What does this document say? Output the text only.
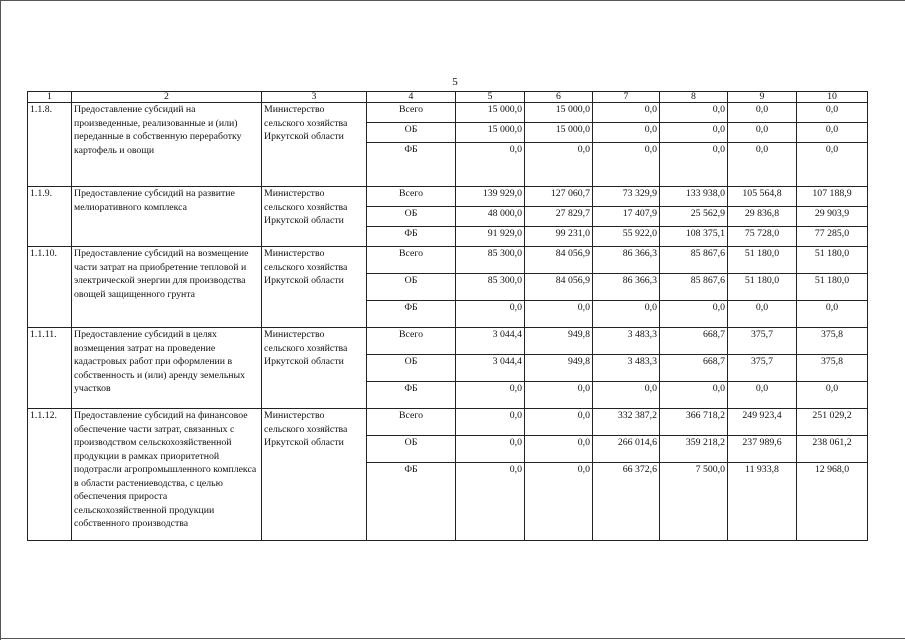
5
1	2	3	4	5	6	7	8	9	10
1.1.8.	Предоставление субсидий на произведенные, реализованные и (или) переданные в собственную переработку картофель и овощи	Министерство сельского хозяйства Иркутской области	Всего	15 000,0	15 000,0	0,0	0,0	0,0	0,0
			ОБ	15 000,0	15 000,0	0,0	0,0	0,0	0,0
			ФБ	0,0	0,0	0,0	0,0	0,0	0,0
1.1.9.	Предоставление субсидий на развитие мелиоративного комплекса	Министерство сельского хозяйства Иркутской области	Всего	139 929,0	127 060,7	73 329,9	133 938,0	105 564,8	107 188,9
			ОБ	48 000,0	27 829,7	17 407,9	25 562,9	29 836,8	29 903,9
			ФБ	91 929,0	99 231,0	55 922,0	108 375,1	75 728,0	77 285,0
1.1.10.	Предоставление субсидий на возмещение части затрат на приобретение тепловой и электрической энергии для производства овощей защищенного грунта	Министерство сельского хозяйства Иркутской области	Всего	85 300,0	84 056,9	86 366,3	85 867,6	51 180,0	51 180,0
			ОБ	85 300,0	84 056,9	86 366,3	85 867,6	51 180,0	51 180,0
			ФБ	0,0	0,0	0,0	0,0	0,0	0,0
1.1.11.	Предоставление субсидий в целях возмещения затрат на проведение кадастровых работ при оформлении в собственность и (или) аренду земельных участков	Министерство сельского хозяйства Иркутской области	Всего	3 044,4	949,8	3 483,3	668,7	375,7	375,8
			ОБ	3 044,4	949,8	3 483,3	668,7	375,7	375,8
			ФБ	0,0	0,0	0,0	0,0	0,0	0,0
1.1.12.	Предоставление субсидий на финансовое обеспечение части затрат, связанных с производством сельскохозяйственной продукции в рамках приоритетной подотрасли агропромышленного комплекса в области растениеводства, с целью обеспечения прироста сельскохозяйственной продукции собственного производства	Министерство сельского хозяйства Иркутской области	Всего	0,0	0,0	332 387,2	366 718,2	249 923,4	251 029,2
			ОБ	0,0	0,0	266 014,6	359 218,2	237 989,6	238 061,2
			ФБ	0,0	0,0	66 372,6	7 500,0	11 933,8	12 968,0
